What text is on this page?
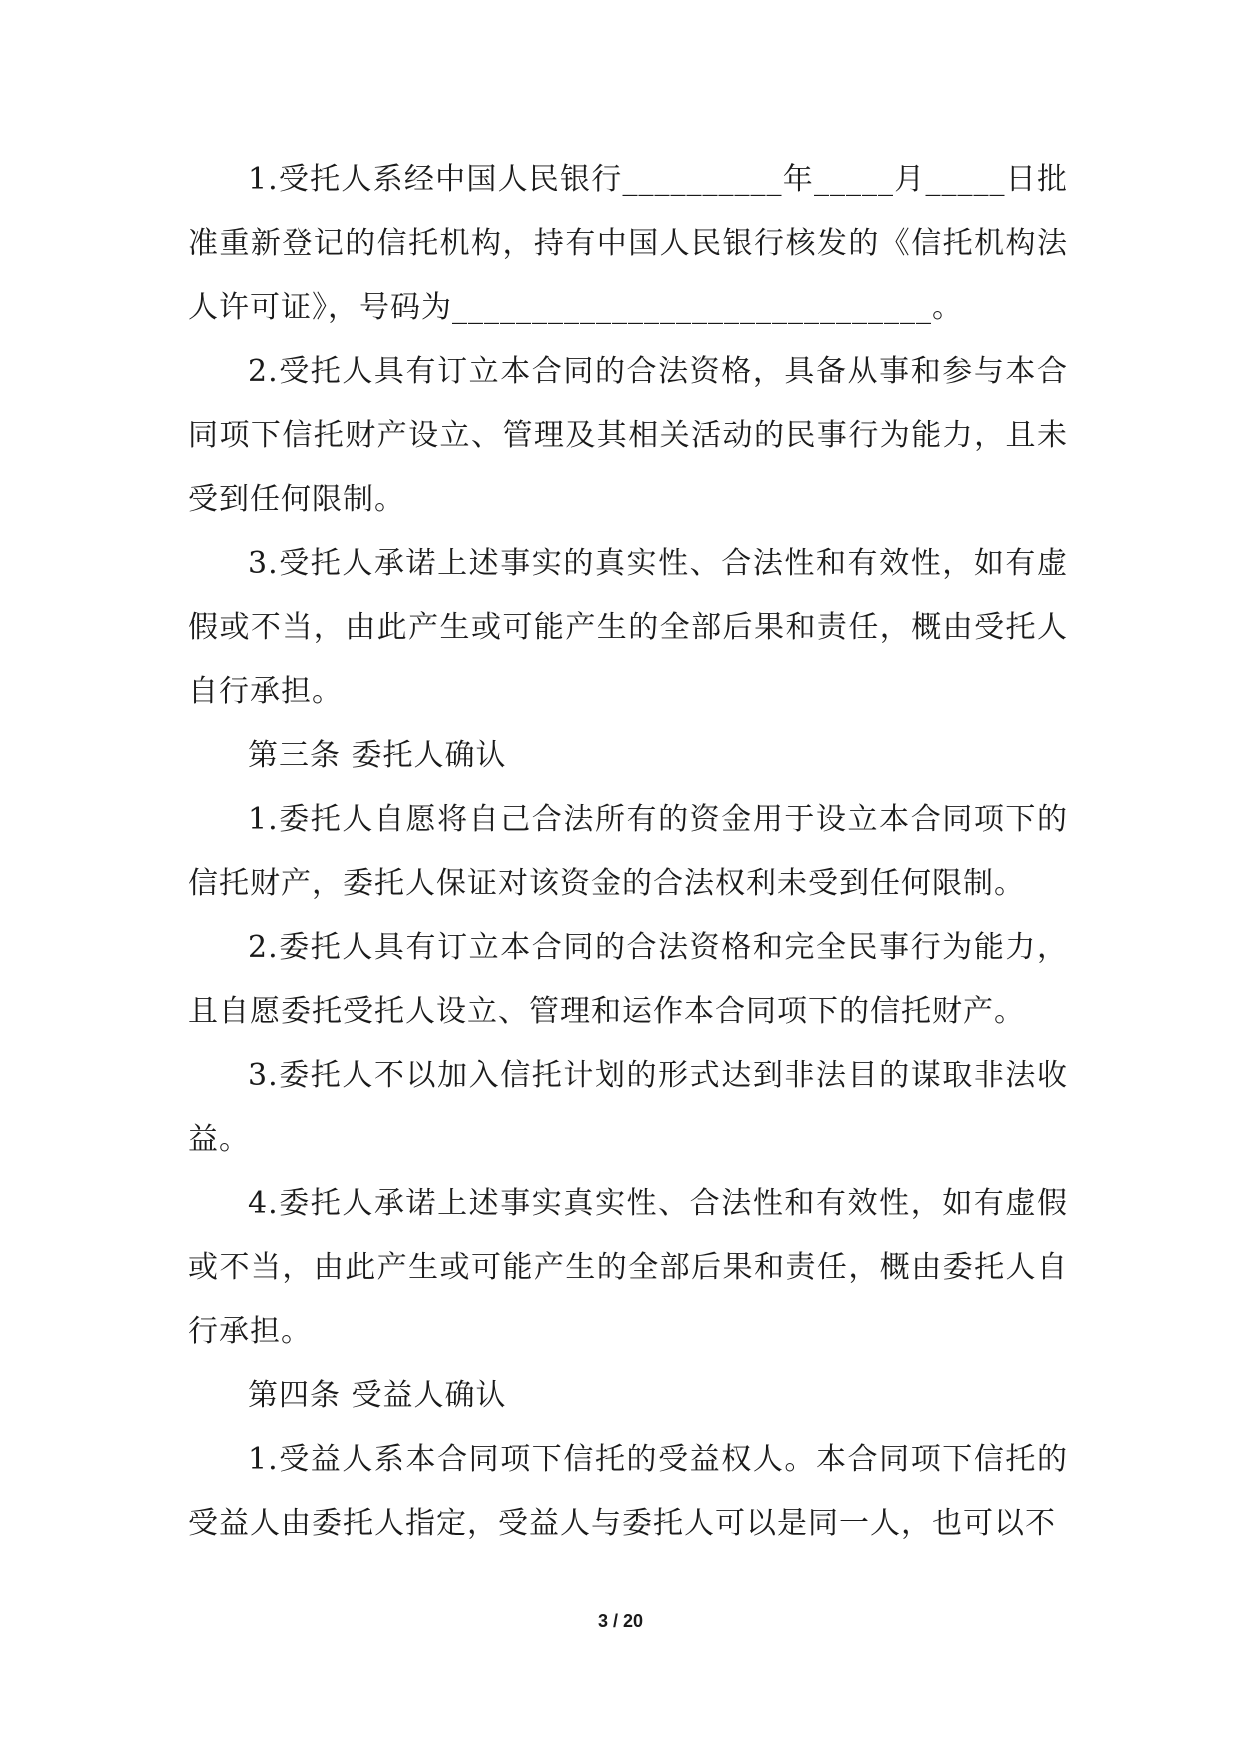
1.受托人系经中国人民银行__________年_____月_____日批准重新登记的信托机构，持有中国人民银行核发的《信托机构法人许可证》，号码为______________________________。

2.受托人具有订立本合同的合法资格，具备从事和参与本合同项下信托财产设立、管理及其相关活动的民事行为能力，且未受到任何限制。

3.受托人承诺上述事实的真实性、合法性和有效性，如有虚假或不当，由此产生或可能产生的全部后果和责任，概由受托人自行承担。

第三条 委托人确认

1.委托人自愿将自己合法所有的资金用于设立本合同项下的信托财产，委托人保证对该资金的合法权利未受到任何限制。

2.委托人具有订立本合同的合法资格和完全民事行为能力，且自愿委托受托人设立、管理和运作本合同项下的信托财产。

3.委托人不以加入信托计划的形式达到非法目的谋取非法收益。

4.委托人承诺上述事实真实性、合法性和有效性，如有虚假或不当，由此产生或可能产生的全部后果和责任，概由委托人自行承担。

第四条 受益人确认

1.受益人系本合同项下信托的受益权人。本合同项下信托的受益人由委托人指定，受益人与委托人可以是同一人，也可以不

3 / 20
